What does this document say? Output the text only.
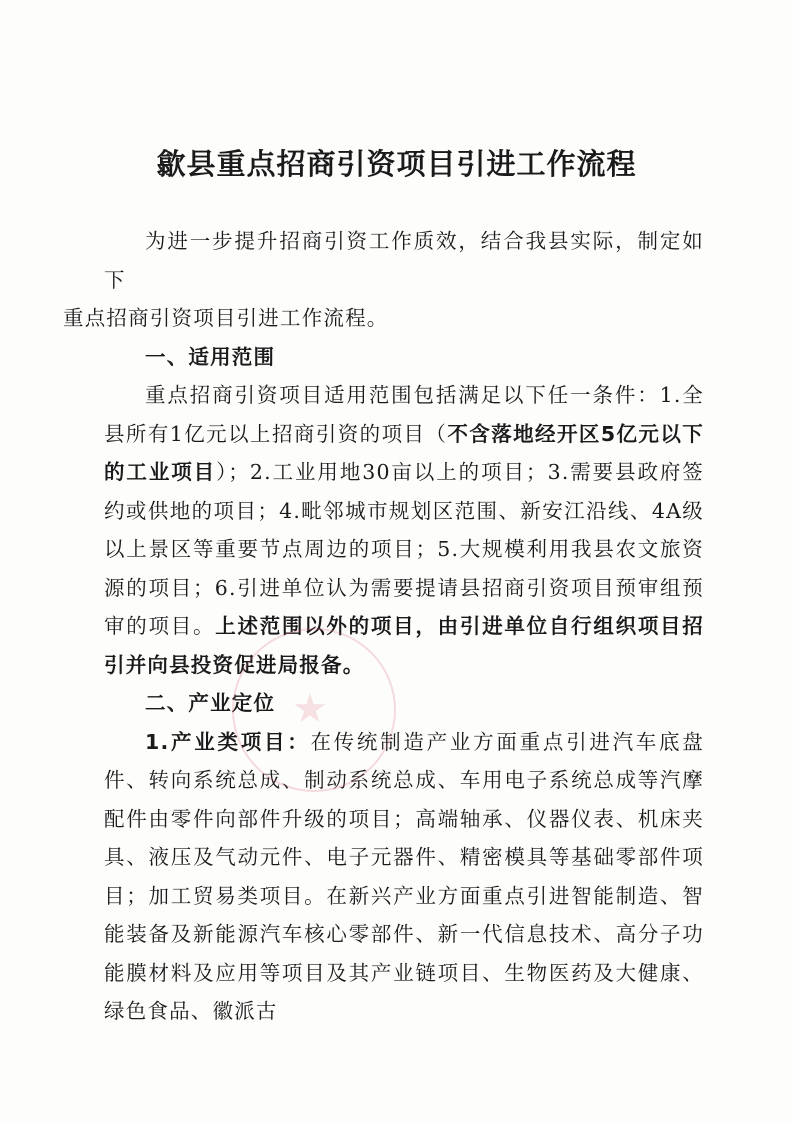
歙县重点招商引资项目引进工作流程

为进一步提升招商引资工作质效，结合我县实际，制定如下
重点招商引资项目引进工作流程。

一、适用范围

重点招商引资项目适用范围包括满足以下任一条件：1.全县所有1亿元以上招商引资的项目（不含落地经开区5亿元以下的工业项目）；2.工业用地30亩以上的项目；3.需要县政府签约或供地的项目；4.毗邻城市规划区范围、新安江沿线、4A级以上景区等重要节点周边的项目；5.大规模利用我县农文旅资源的项目；6.引进单位认为需要提请县招商引资项目预审组预审的项目。上述范围以外的项目，由引进单位自行组织项目招引并向县投资促进局报备。

二、产业定位

1.产业类项目：在传统制造产业方面重点引进汽车底盘件、转向系统总成、制动系统总成、车用电子系统总成等汽摩配件由零件向部件升级的项目；高端轴承、仪器仪表、机床夹具、液压及气动元件、电子元器件、精密模具等基础零部件项目；加工贸易类项目。在新兴产业方面重点引进智能制造、智能装备及新能源汽车核心零部件、新一代信息技术、高分子功能膜材料及应用等项目及其产业链项目、生物医药及大健康、绿色食品、徽派古

★
